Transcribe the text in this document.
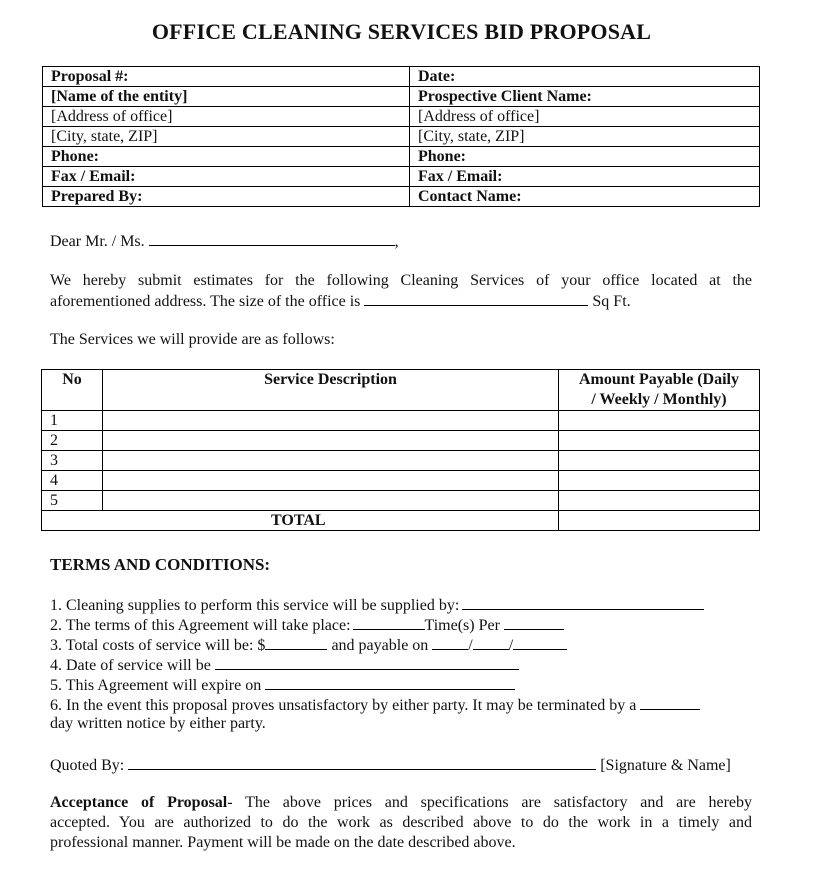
OFFICE CLEANING SERVICES BID PROPOSAL
Proposal #:	Date:
[Name of the entity]	Prospective Client Name:
[Address of office]	[Address of office]
[City, state, ZIP]	[City, state, ZIP]
Phone:	Phone:
Fax / Email:	Fax / Email:
Prepared By:	Contact Name:
Dear Mr. / Ms.	,
We hereby submit estimates for the following Cleaning Services of your office located at the
aforementioned address. The size of the office is	Sq Ft.
The Services we will provide are as follows:
No	Service Description	Amount Payable (Daily
/ Weekly / Monthly)
1		
2		
3		
4		
5		
TOTAL		
TERMS AND CONDITIONS:
1. Cleaning supplies to perform this service will be supplied by:
2. The terms of this Agreement will take place:	Time(s) Per
3. Total costs of service will be: $	and payable on	/ /
4. Date of service will be
5. This Agreement will expire on
6. In the event this proposal proves unsatisfactory by either party. It may be terminated by a
day written notice by either party.
Quoted By:	[Signature & Name]
Acceptance of Proposal- The above prices and specifications are satisfactory and are hereby
accepted. You are authorized to do the work as described above to do the work in a timely and
professional manner. Payment will be made on the date described above.
